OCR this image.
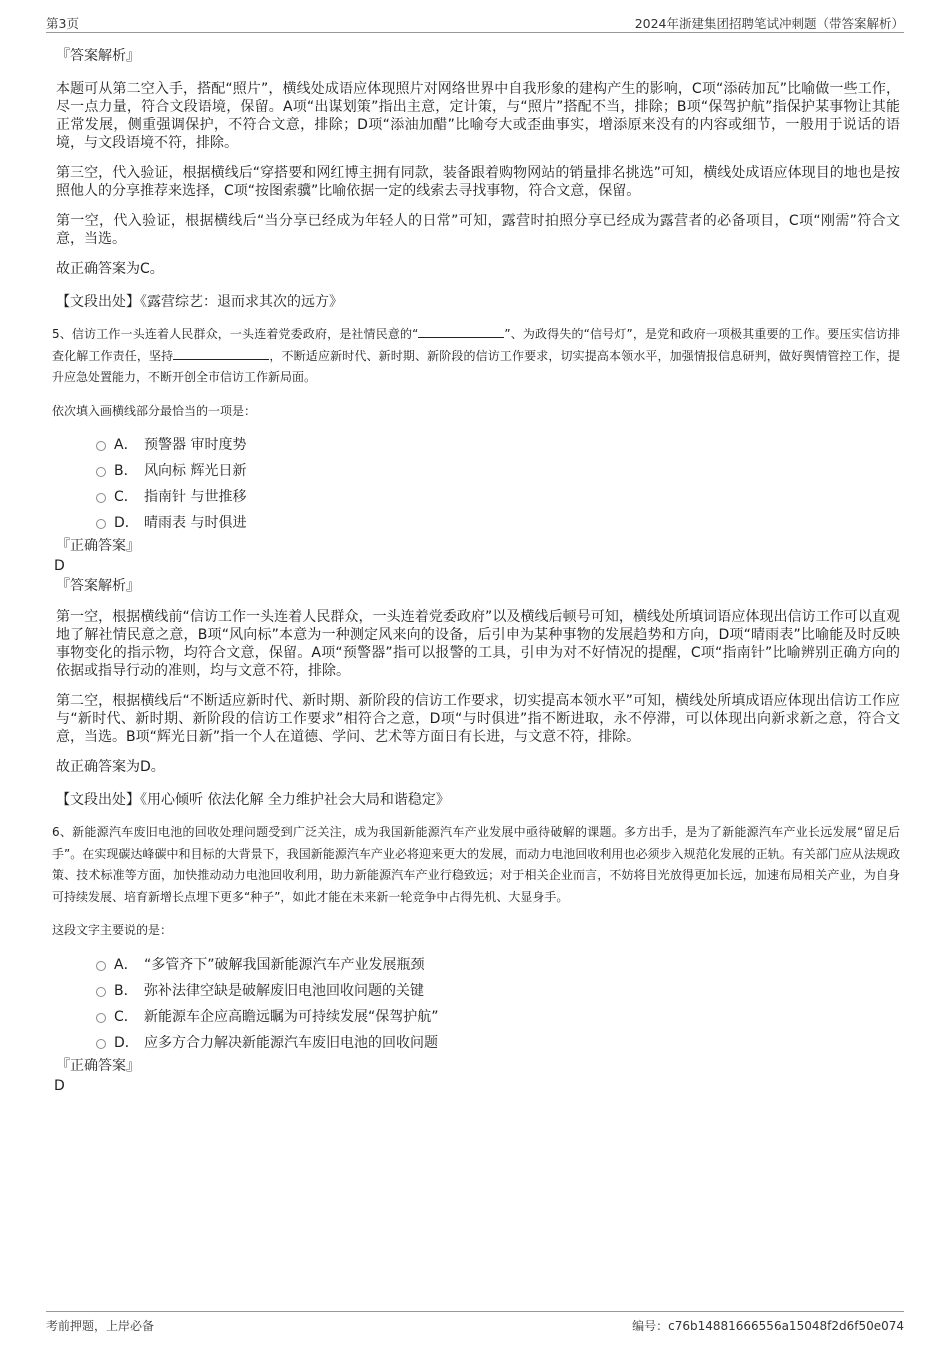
第3页	2024年浙建集团招聘笔试冲刺题（带答案解析）
『答案解析』

本题可从第二空入手，搭配“照片”，横线处成语应体现照片对网络世界中自我形象的建构产生的影响，C项“添砖加瓦”比喻做一些工作，尽一点力量，符合文段语境，保留。A项“出谋划策”指出主意，定计策，与“照片”搭配不当，排除；B项“保驾护航”指保护某事物让其能正常发展，侧重强调保护，不符合文意，排除；D项“添油加醋”比喻夸大或歪曲事实，增添原来没有的内容或细节，一般用于说话的语境，与文段语境不符，排除。

第三空，代入验证，根据横线后“穿搭要和网红博主拥有同款，装备跟着购物网站的销量排名挑选”可知，横线处成语应体现目的地也是按照他人的分享推荐来选择，C项“按图索骥”比喻依据一定的线索去寻找事物，符合文意，保留。

第一空，代入验证，根据横线后“当分享已经成为年轻人的日常”可知，露营时拍照分享已经成为露营者的必备项目，C项“刚需”符合文意，当选。

故正确答案为C。

【文段出处】《露营综艺：退而求其次的远方》

5、信访工作一头连着人民群众，一头连着党委政府，是社情民意的“	”、为政得失的“信号灯”，是党和政府一项极其重要的工作。要压实信访排查化解工作责任，坚持	，不断适应新时代、新时期、新阶段的信访工作要求，切实提高本领水平，加强情报信息研判，做好舆情管控工作，提升应急处置能力，不断开创全市信访工作新局面。

依次填入画横线部分最恰当的一项是：

A． 预警器 审时度势
B． 风向标 辉光日新
C． 指南针 与世推移
D． 晴雨表 与时俱进
『正确答案』
D
『答案解析』

第一空，根据横线前“信访工作一头连着人民群众，一头连着党委政府”以及横线后顿号可知，横线处所填词语应体现出信访工作可以直观地了解社情民意之意，B项“风向标”本意为一种测定风来向的设备，后引申为某种事物的发展趋势和方向，D项“晴雨表”比喻能及时反映事物变化的指示物，均符合文意，保留。A项“预警器”指可以报警的工具，引申为对不好情况的提醒，C项“指南针”比喻辨别正确方向的依据或指导行动的准则，均与文意不符，排除。

第二空，根据横线后“不断适应新时代、新时期、新阶段的信访工作要求，切实提高本领水平”可知，横线处所填成语应体现出信访工作应与“新时代、新时期、新阶段的信访工作要求”相符合之意，D项“与时俱进”指不断进取，永不停滞，可以体现出向新求新之意，符合文意，当选。B项“辉光日新”指一个人在道德、学问、艺术等方面日有长进，与文意不符，排除。

故正确答案为D。

【文段出处】《用心倾听 依法化解 全力维护社会大局和谐稳定》

6、新能源汽车废旧电池的回收处理问题受到广泛关注，成为我国新能源汽车产业发展中亟待破解的课题。多方出手，是为了新能源汽车产业长远发展“留足后手”。在实现碳达峰碳中和目标的大背景下，我国新能源汽车产业必将迎来更大的发展，而动力电池回收利用也必须步入规范化发展的正轨。有关部门应从法规政策、技术标准等方面，加快推动动力电池回收利用，助力新能源汽车产业行稳致远；对于相关企业而言，不妨将目光放得更加长远，加速布局相关产业，为自身可持续发展、培育新增长点埋下更多“种子”，如此才能在未来新一轮竞争中占得先机、大显身手。

这段文字主要说的是：

A． “多管齐下”破解我国新能源汽车产业发展瓶颈
B． 弥补法律空缺是破解废旧电池回收问题的关键
C． 新能源车企应高瞻远瞩为可持续发展“保驾护航”
D． 应多方合力解决新能源汽车废旧电池的回收问题
『正确答案』
D
考前押题，上岸必备	编号：c76b14881666556a15048f2d6f50e074
